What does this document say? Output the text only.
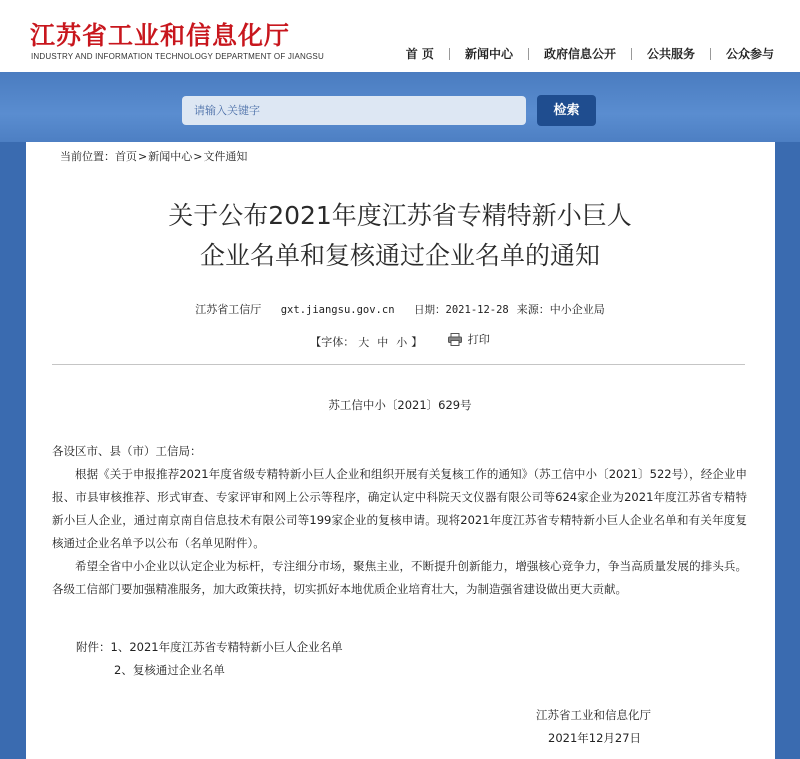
江苏省工业和信息化厅
INDUSTRY AND INFORMATION TECHNOLOGY DEPARTMENT OF JIANGSU	首 页	新闻中心	政府信息公开	公共服务	公众参与
请输入关键字	检索
当前位置：首页>新闻中心>文件通知
关于公布2021年度江苏省专精特新小巨人
企业名单和复核通过企业名单的通知
江苏省工信厅 gxt.jiangsu.gov.cn 日期：2021-12-28 来源：中小企业局
【字体： 大 中 小 】	打印
苏工信中小〔2021〕629号

各设区市、县（市）工信局：

根据《关于申报推荐2021年度省级专精特新小巨人企业和组织开展有关复核工作的通知》（苏工信中小〔2021〕522号），经企业申报、市县审核推荐、形式审查、专家评审和网上公示等程序，确定认定中科院天文仪器有限公司等624家企业为2021年度江苏省专精特新小巨人企业，通过南京南自信息技术有限公司等199家企业的复核申请。现将2021年度江苏省专精特新小巨人企业名单和有关年度复核通过企业名单予以公布（名单见附件）。

希望全省中小企业以认定企业为标杆，专注细分市场，聚焦主业，不断提升创新能力，增强核心竞争力，争当高质量发展的排头兵。各级工信部门要加强精准服务，加大政策扶持，切实抓好本地优质企业培育壮大，为制造强省建设做出更大贡献。

附件：1、2021年度江苏省专精特新小巨人企业名单
2、复核通过企业名单
江苏省工业和信息化厅
2021年12月27日
